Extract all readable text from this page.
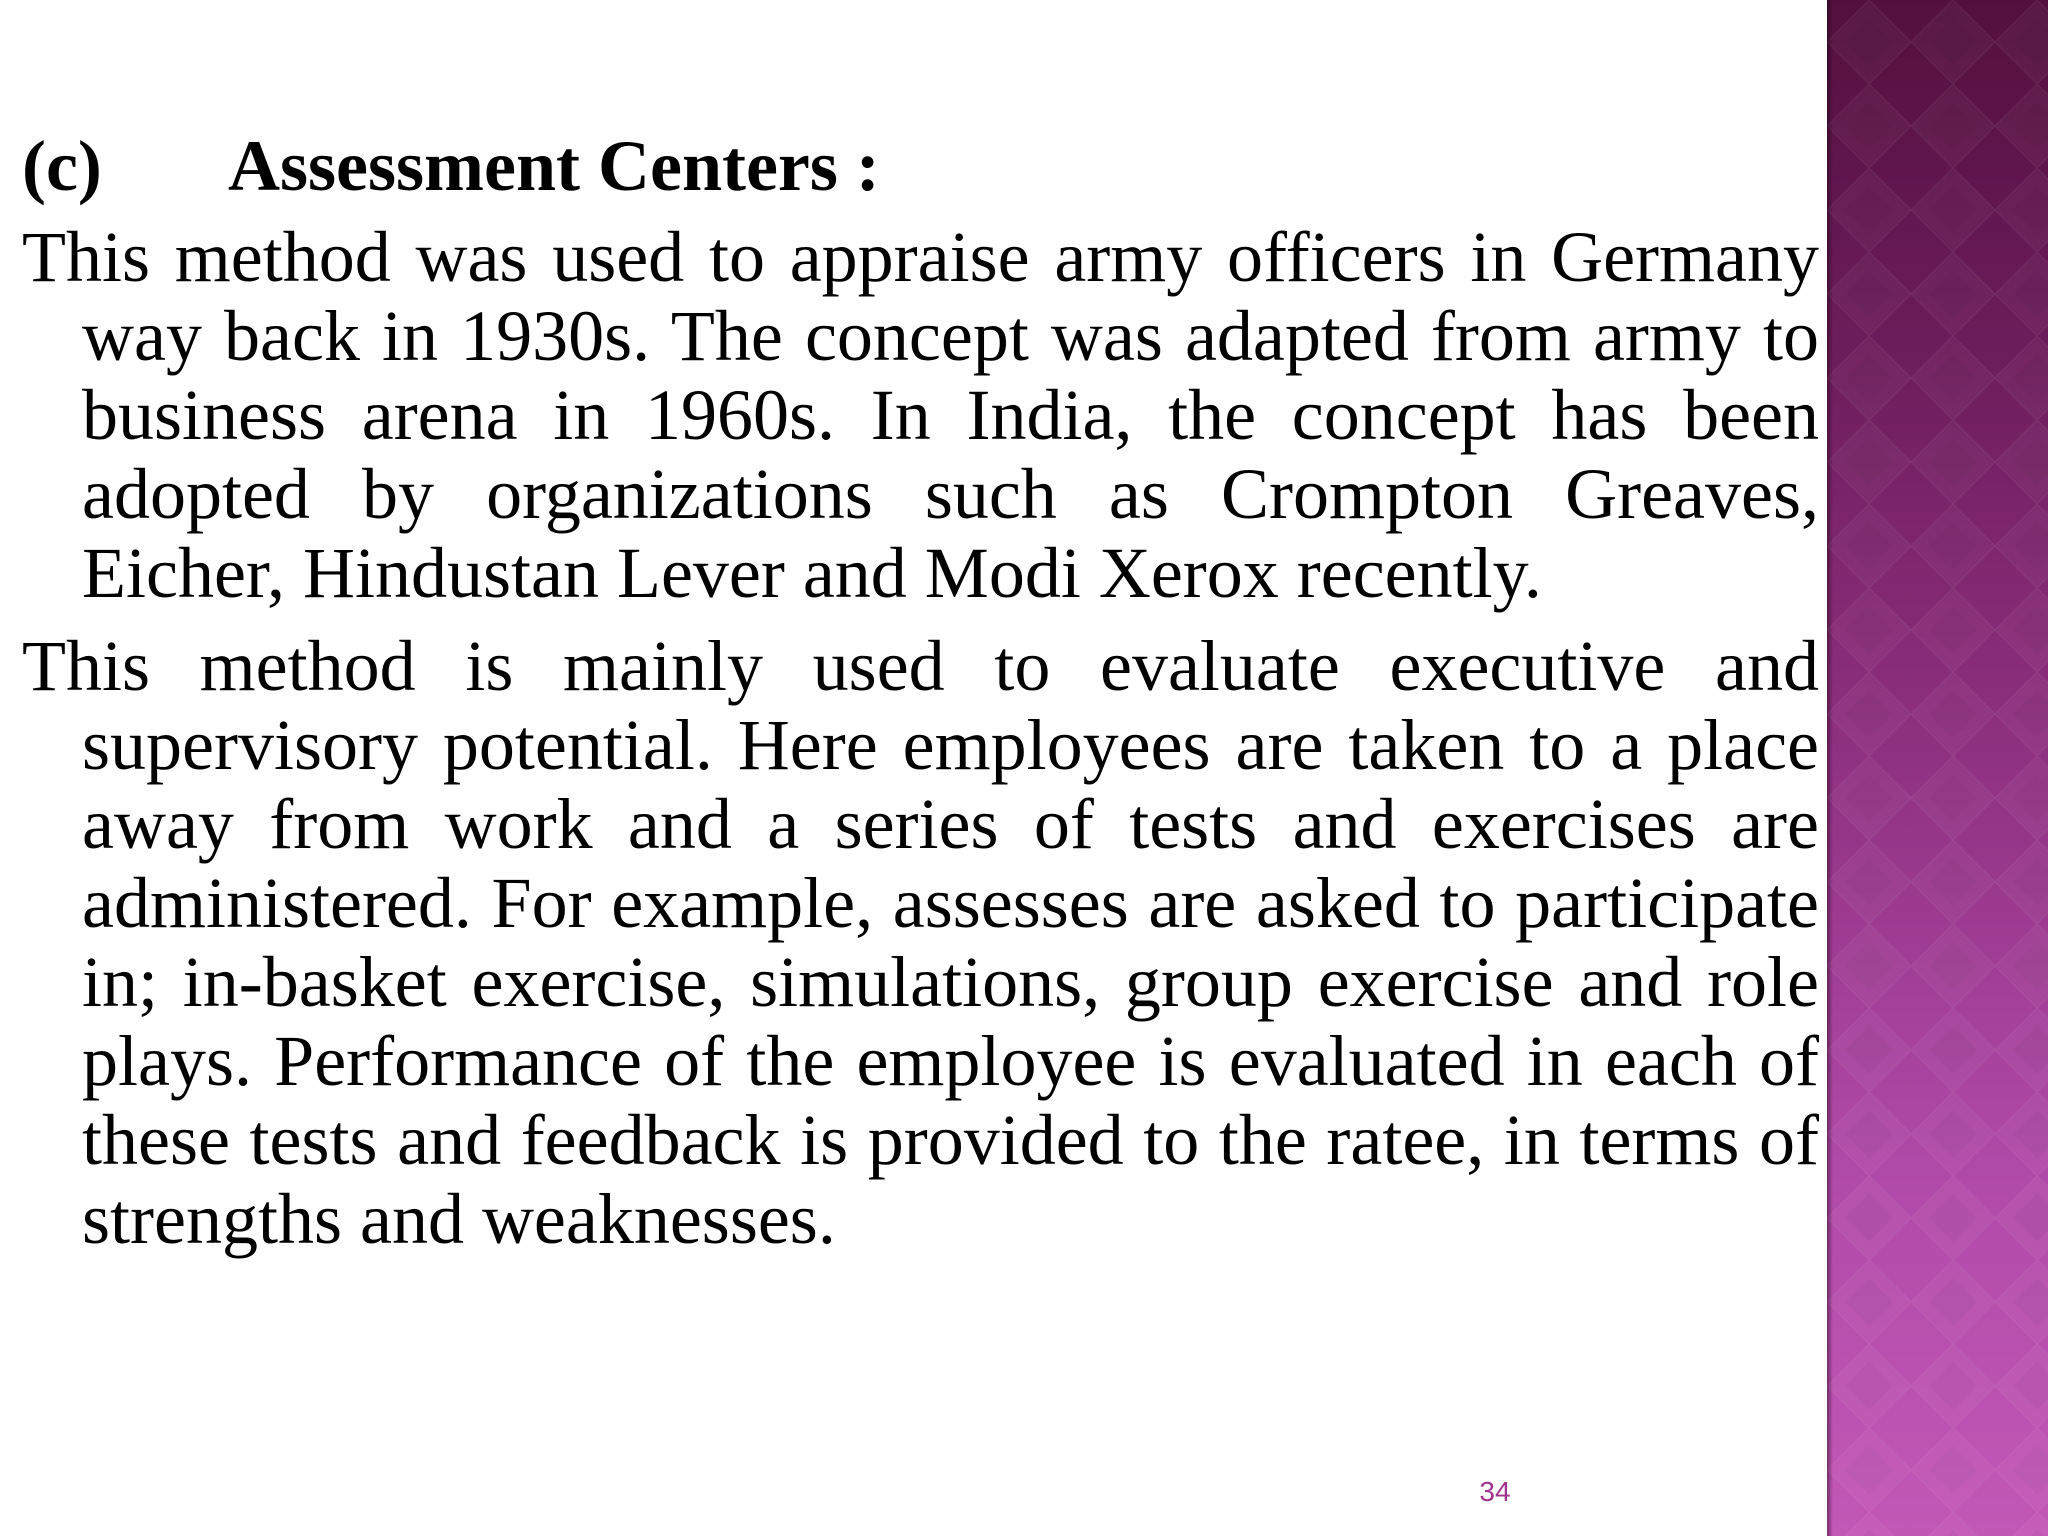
(c) Assessment Centers :

This method was used to appraise army officers in Germany way back in 1930s. The concept was adapted from army to business arena in 1960s. In India, the concept has been adopted by organizations such as Crompton Greaves, Eicher, Hindustan Lever and Modi Xerox recently.

This method is mainly used to evaluate executive and supervisory potential. Here employees are taken to a place away from work and a series of tests and exercises are administered. For example, assesses are asked to participate in; in-basket exercise, simulations, group exercise and role plays. Performance of the employee is evaluated in each of these tests and feedback is provided to the ratee, in terms of strengths and weaknesses.

34
